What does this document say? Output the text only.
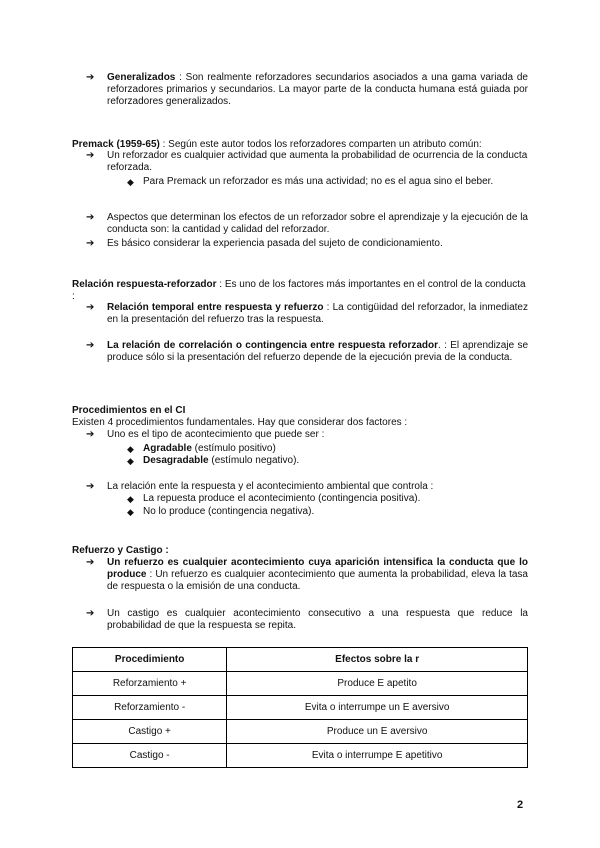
➔	Generalizados : Son realmente reforzadores secundarios asociados a una gama variada de reforzadores primarios y secundarios. La mayor parte de la conducta humana está guiada por reforzadores generalizados.
Premack (1959-65) : Según este autor todos los reforzadores comparten un atributo común:
➔	Un reforzador es cualquier actividad que aumenta la probabilidad de ocurrencia de la conducta reforzada.
◆ Para Premack un reforzador es más una actividad; no es el agua sino el beber.
➔	Aspectos que determinan los efectos de un reforzador sobre el aprendizaje y la ejecución de la conducta son: la cantidad y calidad del reforzador.
➔	Es básico considerar la experiencia pasada del sujeto de condicionamiento.
Relación respuesta-reforzador : Es uno de los factores más importantes en el control de la conducta :
➔	Relación temporal entre respuesta y refuerzo : La contigüidad del reforzador, la inmediatez en la presentación del refuerzo tras la respuesta.
➔	La relación de correlación o contingencia entre respuesta reforzador. : El aprendizaje se produce sólo si la presentación del refuerzo depende de la ejecución previa de la conducta.
Procedimientos en el CI
Existen 4 procedimientos fundamentales. Hay que considerar dos factores :
➔	Uno es el tipo de acontecimiento que puede ser :
◆ Agradable (estímulo positivo)
◆ Desagradable (estímulo negativo).
➔	La relación ente la respuesta y el acontecimiento ambiental que controla :
◆ La repuesta produce el acontecimiento (contingencia positiva).
◆ No lo produce (contingencia negativa).
Refuerzo y Castigo :
➔	Un refuerzo es cualquier acontecimiento cuya aparición intensifica la conducta que lo produce : Un refuerzo es cualquier acontecimiento que aumenta la probabilidad, eleva la tasa de respuesta o la emisión de una conducta.
➔	Un castigo es cualquier acontecimiento consecutivo a una respuesta que reduce la probabilidad de que la respuesta se repita.
Procedimiento	Efectos sobre la r
Reforzamiento +	Produce E apetito
Reforzamiento -	Evita o interrumpe un E aversivo
Castigo +	Produce un E aversivo
Castigo -	Evita o interrumpe E apetitivo
2
